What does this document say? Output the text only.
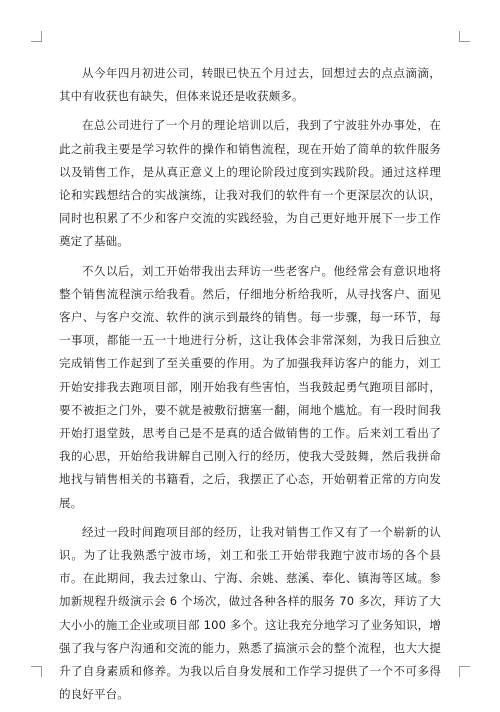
从今年四月初进公司，转眼已快五个月过去，回想过去的点点滴滴，其中有收获也有缺失，但体来说还是收获颇多。

在总公司进行了一个月的理论培训以后，我到了宁波驻外办事处，在此之前我主要是学习软件的操作和销售流程，现在开始了简单的软件服务以及销售工作，是从真正意义上的理论阶段过度到实践阶段。通过这样理论和实践想结合的实战演练，让我对我们的软件有一个更深层次的认识，同时也积累了不少和客户交流的实践经验，为自己更好地开展下一步工作奠定了基础。

不久以后，刘工开始带我出去拜访一些老客户。他经常会有意识地将整个销售流程演示给我看。然后，仔细地分析给我听，从寻找客户、面见客户、与客户交流、软件的演示到最终的销售。每一步骤，每一环节，每一事项，都能一五一十地进行分析，这让我体会非常深刻，为我日后独立完成销售工作起到了至关重要的作用。为了加强我拜访客户的能力，刘工开始安排我去跑项目部，刚开始我有些害怕，当我鼓起勇气跑项目部时，要不被拒之门外，要不就是被敷衍搪塞一翻，闹地个尴尬。有一段时间我开始打退堂鼓，思考自己是不是真的适合做销售的工作。后来刘工看出了我的心思，开始给我讲解自己刚入行的经历，使我大受鼓舞，然后我拼命地找与销售相关的书籍看，之后，我摆正了心态，开始朝着正常的方向发展。

经过一段时间跑项目部的经历，让我对销售工作又有了一个崭新的认识。为了让我熟悉宁波市场，刘工和张工开始带我跑宁波市场的各个县市。在此期间，我去过象山、宁海、余姚、慈溪、奉化、镇海等区域。参加新规程升级演示会 6 个场次，做过各种各样的服务 70 多次，拜访了大大小小的施工企业或项目部 100 多个。这让我充分地学习了业务知识，增强了我与客户沟通和交流的能力，熟悉了搞演示会的整个流程，也大大提升了自身素质和修养。为我以后自身发展和工作学习提供了一个不可多得的良好平台。
